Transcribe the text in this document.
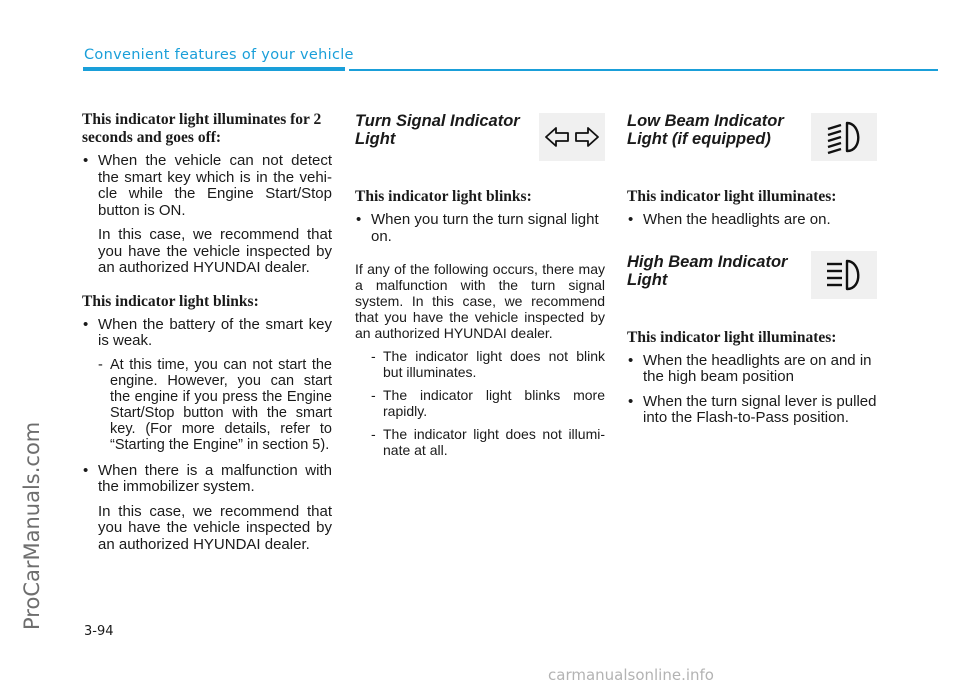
Convenient features of your vehicle
ProCarManuals.com

This indicator light illuminates for 2 seconds and goes off:

• When the vehicle can not detect the smart key which is in the vehi-cle while the Engine Start/Stop button is ON.

In this case, we recommend that you have the vehicle inspected by an authorized HYUNDAI dealer.

This indicator light blinks:

• When the battery of the smart key is weak.

- At this time, you can not start the engine. However, you can start the engine if you press the Engine Start/Stop button with the smart key. (For more details, refer to “Starting the Engine” in section 5).

• When there is a malfunction with the immobilizer system.

In this case, we recommend that you have the vehicle inspected by an authorized HYUNDAI dealer.

Turn Signal Indicator Light

This indicator light blinks:

• When you turn the turn signal light on.

If any of the following occurs, there may a malfunction with the turn signal system. In this case, we recommend that you have the vehicle inspected by an authorized HYUNDAI dealer.

- The indicator light does not blink but illuminates.

- The indicator light blinks more rapidly.

- The indicator light does not illumi-nate at all.

Low Beam Indicator Light (if equipped)

This indicator light illuminates:

• When the headlights are on.

High Beam Indicator Light

This indicator light illuminates:

• When the headlights are on and in the high beam position

• When the turn signal lever is pulled into the Flash-to-Pass position.

3-94
carmanualsonline.info
